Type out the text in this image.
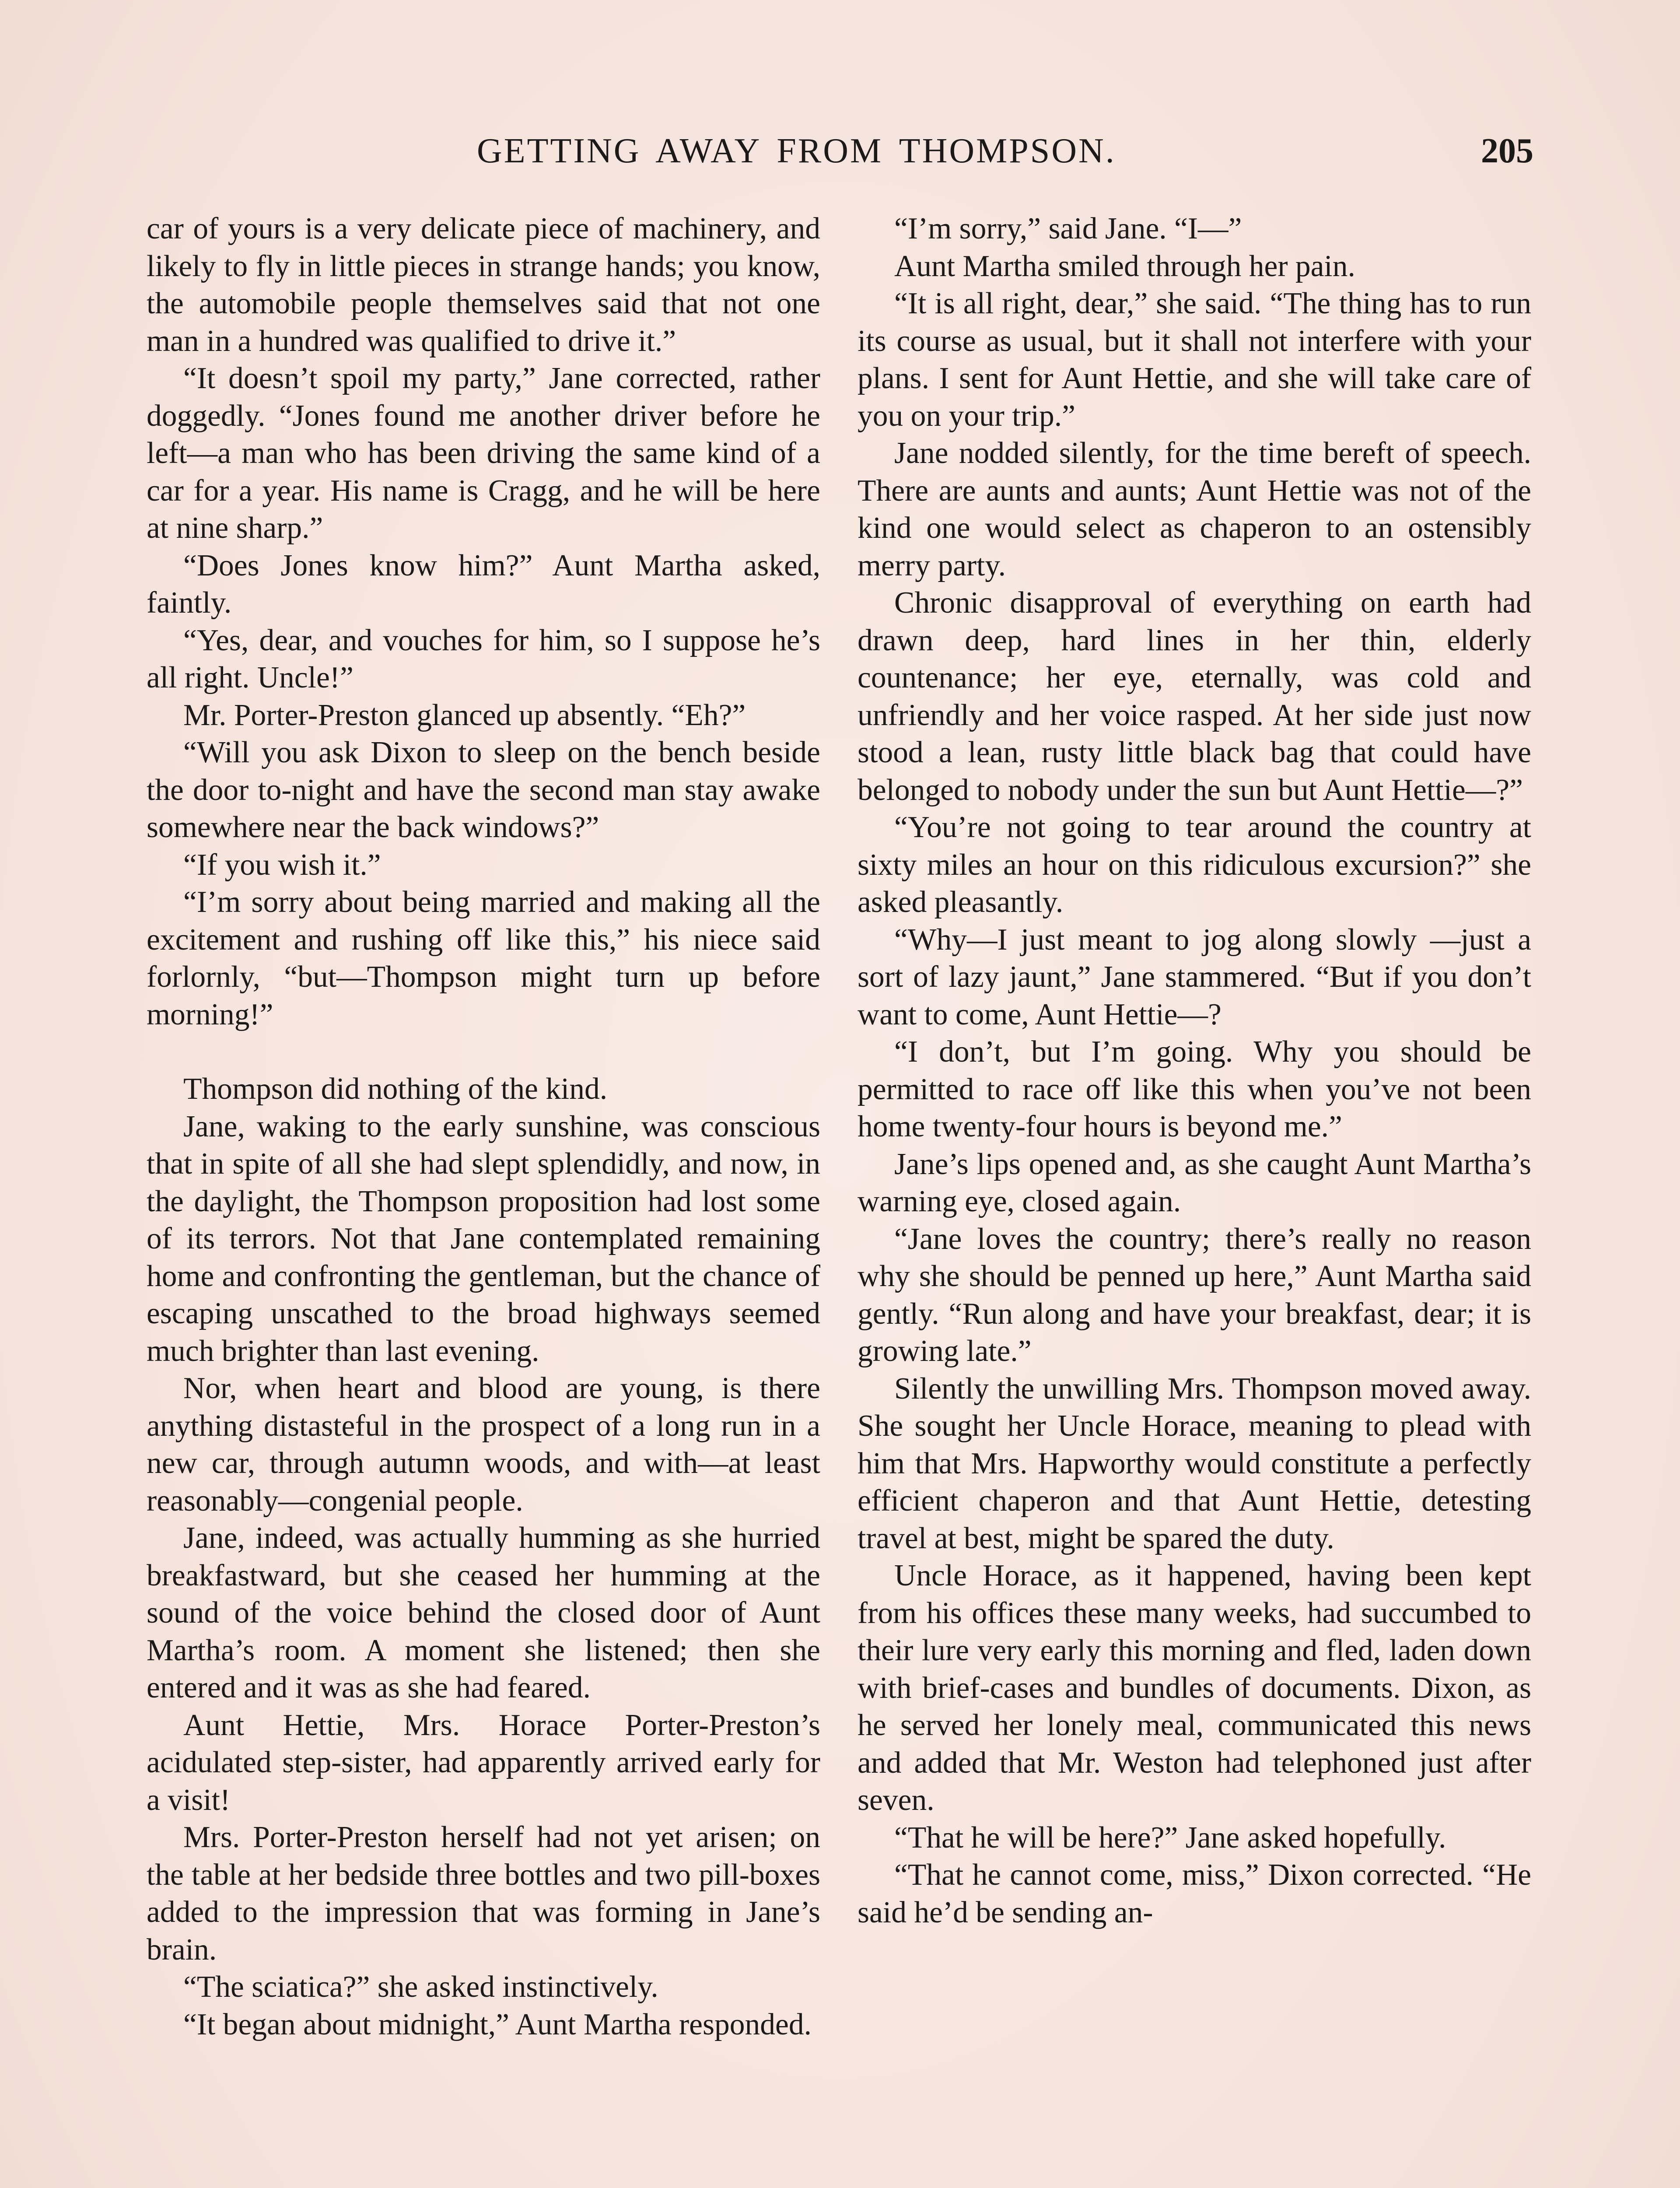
GETTING AWAY FROM THOMPSON.	205

car of yours is a very delicate piece of machinery, and likely to fly in little pieces in strange hands; you know, the automobile people themselves said that not one man in a hundred was qualified to drive it.”

“It doesn’t spoil my party,” Jane corrected, rather doggedly. “Jones found me another driver before he left—a man who has been driving the same kind of a car for a year. His name is Cragg, and he will be here at nine sharp.”

“Does Jones know him?” Aunt Martha asked, faintly.

“Yes, dear, and vouches for him, so I suppose he’s all right. Uncle!”

Mr. Porter-Preston glanced up absently. “Eh?”

“Will you ask Dixon to sleep on the bench beside the door to-night and have the second man stay awake somewhere near the back windows?”

“If you wish it.”

“I’m sorry about being married and making all the excitement and rushing off like this,” his niece said forlornly, “but—Thompson might turn up before morning!”

Thompson did nothing of the kind.

Jane, waking to the early sunshine, was conscious that in spite of all she had slept splendidly, and now, in the daylight, the Thompson proposition had lost some of its terrors. Not that Jane contemplated remaining home and confronting the gentleman, but the chance of escaping unscathed to the broad highways seemed much brighter than last evening.

Nor, when heart and blood are young, is there anything distasteful in the prospect of a long run in a new car, through autumn woods, and with—at least reasonably—congenial people.

Jane, indeed, was actually humming as she hurried breakfastward, but she ceased her humming at the sound of the voice behind the closed door of Aunt Martha’s room. A moment she listened; then she entered and it was as she had feared.

Aunt Hettie, Mrs. Horace Porter-Preston’s acidulated step-sister, had apparently arrived early for a visit!

Mrs. Porter-Preston herself had not yet arisen; on the table at her bedside three bottles and two pill-boxes added to the impression that was forming in Jane’s brain.

“The sciatica?” she asked instinctively.

“It began about midnight,” Aunt Martha responded.

“I’m sorry,” said Jane. “I—”

Aunt Martha smiled through her pain.

“It is all right, dear,” she said. “The thing has to run its course as usual, but it shall not interfere with your plans. I sent for Aunt Hettie, and she will take care of you on your trip.”

Jane nodded silently, for the time bereft of speech. There are aunts and aunts; Aunt Hettie was not of the kind one would select as chaperon to an ostensibly merry party.

Chronic disapproval of everything on earth had drawn deep, hard lines in her thin, elderly countenance; her eye, eternally, was cold and unfriendly and her voice rasped. At her side just now stood a lean, rusty little black bag that could have belonged to nobody under the sun but Aunt Hettie—?”

“You’re not going to tear around the country at sixty miles an hour on this ridiculous excursion?” she asked pleasantly.

“Why—I just meant to jog along slowly —just a sort of lazy jaunt,” Jane stammered. “But if you don’t want to come, Aunt Hettie—?

“I don’t, but I’m going. Why you should be permitted to race off like this when you’ve not been home twenty-four hours is beyond me.”

Jane’s lips opened and, as she caught Aunt Martha’s warning eye, closed again.

“Jane loves the country; there’s really no reason why she should be penned up here,” Aunt Martha said gently. “Run along and have your breakfast, dear; it is growing late.”

Silently the unwilling Mrs. Thompson moved away. She sought her Uncle Horace, meaning to plead with him that Mrs. Hapworthy would constitute a perfectly efficient chaperon and that Aunt Hettie, detesting travel at best, might be spared the duty.

Uncle Horace, as it happened, having been kept from his offices these many weeks, had succumbed to their lure very early this morning and fled, laden down with brief-cases and bundles of documents. Dixon, as he served her lonely meal, communicated this news and added that Mr. Weston had telephoned just after seven.

“That he will be here?” Jane asked hopefully.

“That he cannot come, miss,” Dixon corrected. “He said he’d be sending an-
